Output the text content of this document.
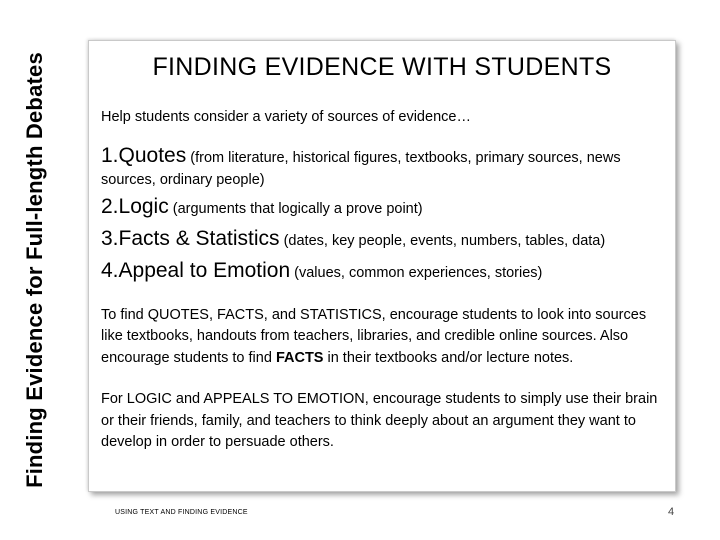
Finding Evidence for Full-length Debates	FINDING EVIDENCE WITH STUDENTS

Help students consider a variety of sources of evidence…

1.Quotes (from literature, historical figures, textbooks, primary sources, news sources, ordinary people)

2.Logic (arguments that logically a prove point)

3.Facts & Statistics (dates, key people, events, numbers, tables, data)

4.Appeal to Emotion (values, common experiences, stories)

To find QUOTES, FACTS, and STATISTICS, encourage students to look into sources like textbooks, handouts from teachers, libraries, and credible online sources. Also encourage students to find FACTS in their textbooks and/or lecture notes.

For LOGIC and APPEALS TO EMOTION, encourage students to simply use their brain or their friends, family, and teachers to think deeply about an argument they want to develop in order to persuade others.

USING TEXT AND FINDING EVIDENCE	4
